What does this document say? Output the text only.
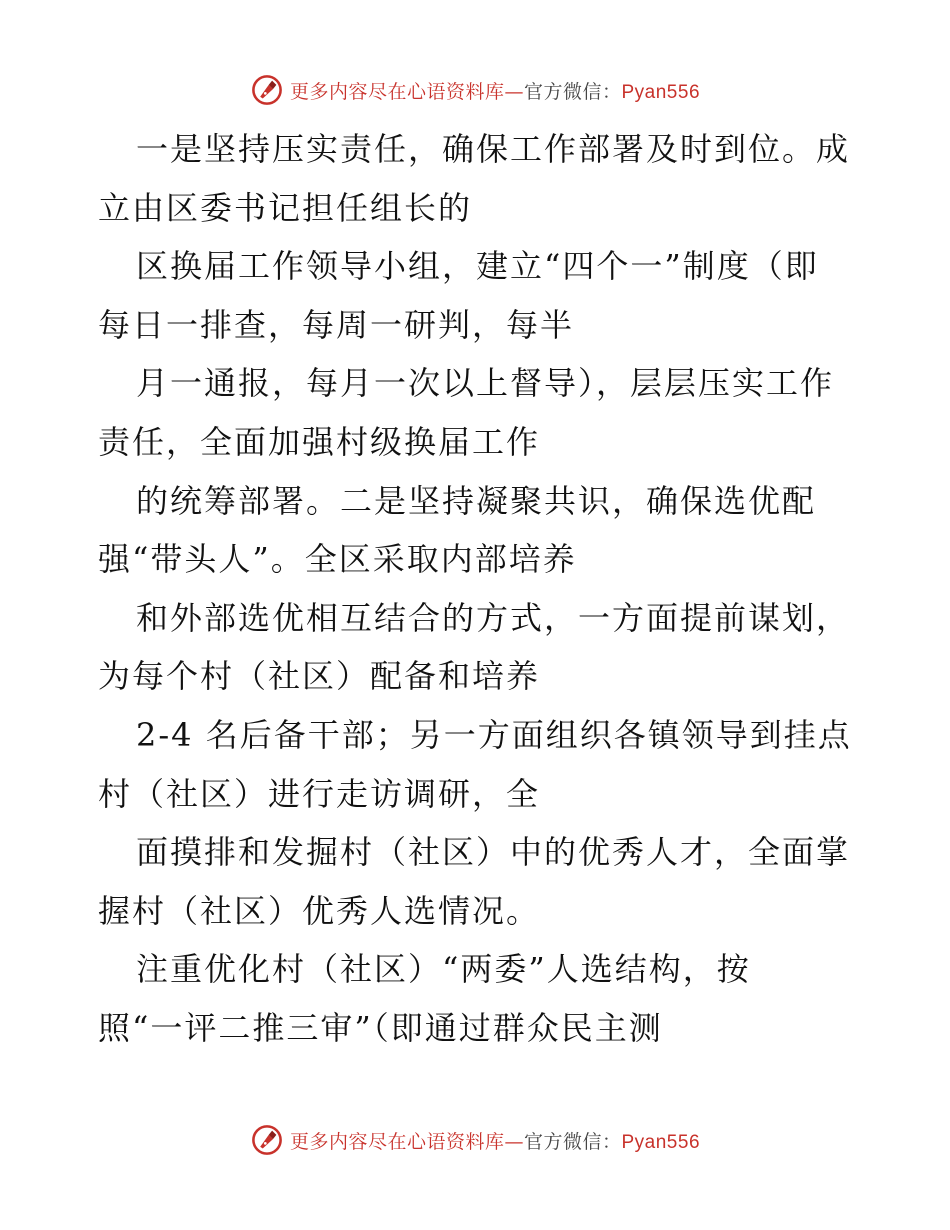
更多内容尽在心语资料库—官方微信：Pyan556
一是坚持压实责任，确保工作部署及时到位。成
立由区委书记担任组长的
区换届工作领导小组，建立“四个一”制度（即
每日一排查，每周一研判，每半
月一通报，每月一次以上督导），层层压实工作
责任，全面加强村级换届工作
的统筹部署。二是坚持凝聚共识，确保选优配
强“带头人”。全区采取内部培养
和外部选优相互结合的方式，一方面提前谋划，
为每个村（社区）配备和培养
2-4 名后备干部；另一方面组织各镇领导到挂点
村（社区）进行走访调研，全
面摸排和发掘村（社区）中的优秀人才，全面掌
握村（社区）优秀人选情况。
注重优化村（社区）“两委”人选结构，按
照“一评二推三审”（即通过群众民主测
更多内容尽在心语资料库—官方微信：Pyan556
